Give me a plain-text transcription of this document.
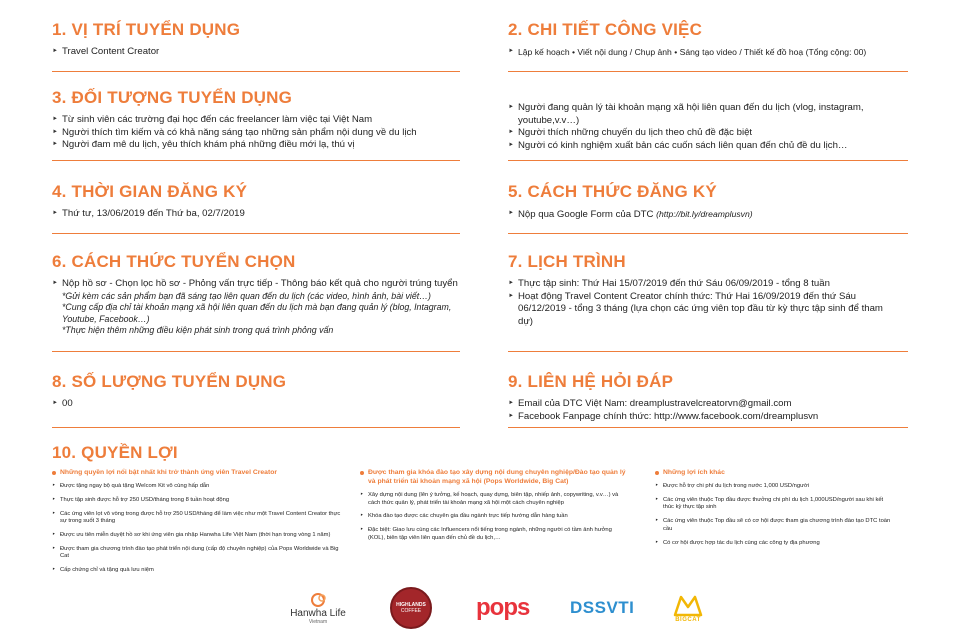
1. VỊ TRÍ TUYỂN DỤNG
‣ Travel Content Creator
2. CHI TIẾT CÔNG VIỆC
‣ Lập kế hoạch • Viết nội dung / Chụp ảnh • Sáng tạo video / Thiết kế đồ hoạ (Tổng cộng: 00)
3. ĐỐI TƯỢNG TUYỂN DỤNG
‣ Từ sinh viên các trường đại học đến các freelancer làm việc tại Việt Nam
‣ Người thích tìm kiếm và có khả năng sáng tạo những sản phẩm nội dung về du lịch
‣ Người đam mê du lịch, yêu thích khám phá những điều mới lạ, thú vị
‣ Người đang quản lý tài khoản mạng xã hội liên quan đến du lịch (vlog, instagram, youtube,v.v…)
‣ Người thích những chuyến du lịch theo chủ đề đặc biệt
‣ Người có kinh nghiệm xuất bản các cuốn sách liên quan đến chủ đề du lịch…
4. THỜI GIAN ĐĂNG KÝ
‣ Thứ tư, 13/06/2019 đến Thứ ba, 02/7/2019
5. CÁCH THỨC ĐĂNG KÝ
‣ Nộp qua Google Form của DTC (http://bit.ly/dreamplusvn)
6. CÁCH THỨC TUYỂN CHỌN
‣ Nộp hồ sơ - Chọn lọc hồ sơ - Phỏng vấn trực tiếp - Thông báo kết quả cho người trúng tuyển
*Gửi kèm các sản phẩm bạn đã sáng tạo liên quan đến du lịch (các video, hình ảnh, bài viết…)
*Cung cấp địa chỉ tài khoản mạng xã hội liên quan đến du lịch mà bạn đang quản lý (blog, Intagram, Youtube, Facebook…)
*Thực hiện thêm những điều kiện phát sinh trong quá trình phỏng vấn
7. LỊCH TRÌNH
‣ Thực tập sinh: Thứ Hai 15/07/2019 đến thứ Sáu 06/09/2019 - tổng 8 tuần
‣ Hoạt động Travel Content Creator chính thức: Thứ Hai 16/09/2019 đến thứ Sáu 06/12/2019 - tổng 3 tháng (lựa chọn các ứng viên top đầu từ kỳ thực tập sinh để tham dự)
8. SỐ LƯỢNG TUYỂN DỤNG
‣ 00
9. LIÊN HỆ HỎI ĐÁP
‣ Email của DTC Việt Nam: dreamplustravelcreatorvn@gmail.com
‣ Facebook Fanpage chính thức: http://www.facebook.com/dreamplusvn
10. QUYỀN LỢI
Những quyền lợi nổi bật nhất khi trở thành ứng viên Travel Creator
‣ Được tặng ngay bộ quà tặng Welcom Kit vô cùng hấp dẫn
‣ Thực tập sinh được hỗ trợ 250 USD/tháng trong 8 tuần hoạt động
‣ Các ứng viên lọt vô vòng trong được hỗ trợ 250 USD/tháng để làm việc như một Travel Content Creator thực sự trong suốt 3 tháng
‣ Được ưu tiên miễn duyệt hồ sơ khi ứng viên gia nhập Hanwha Life Việt Nam (thời hạn trong vòng 1 năm)
‣ Được tham gia chương trình đào tạo phát triển nội dung (cấp độ chuyên nghiệp) của Pops Worldwide và Big Cat
‣ Cấp chứng chỉ và tặng quà lưu niệm
Được tham gia khóa đào tạo xây dựng nội dung chuyên nghiệp/Đào tạo quản lý và phát triển tài khoản mạng xã hội (Pops Worldwide, Big Cat)
‣ Xây dựng nội dung (lên ý tưởng, kế hoạch, quay dựng, biên tập, nhiếp ảnh, copywriting, v.v…) và cách thức quản lý, phát triển tài khoản mạng xã hội một cách chuyên nghiệp
‣ Khóa đào tạo được các chuyên gia đầu ngành trực tiếp hướng dẫn hàng tuần
‣ Đặc biệt: Giao lưu cùng các Influencers nổi tiếng trong ngành, những người có tầm ảnh hưởng (KOL), biên tập viên liên quan đến chủ đề du lịch,…
Những lợi ích khác
‣ Được hỗ trợ chi phí du lịch trong nước 1,000 USD/người
‣ Các ứng viên thuộc Top đầu được thưởng chi phí du lịch 1,000USD/người sau khi kết thúc kỳ thực tập sinh
‣ Các ứng viên thuộc Top đầu sẽ có cơ hội được tham gia chương trình đào tạo DTC toàn cầu
‣ Có cơ hội được hợp tác du lịch cùng các công ty địa phương
Hanwha Life
Vietnam
HIGHLANDS
COFFEE pops DSSVTI
BIGCAT
